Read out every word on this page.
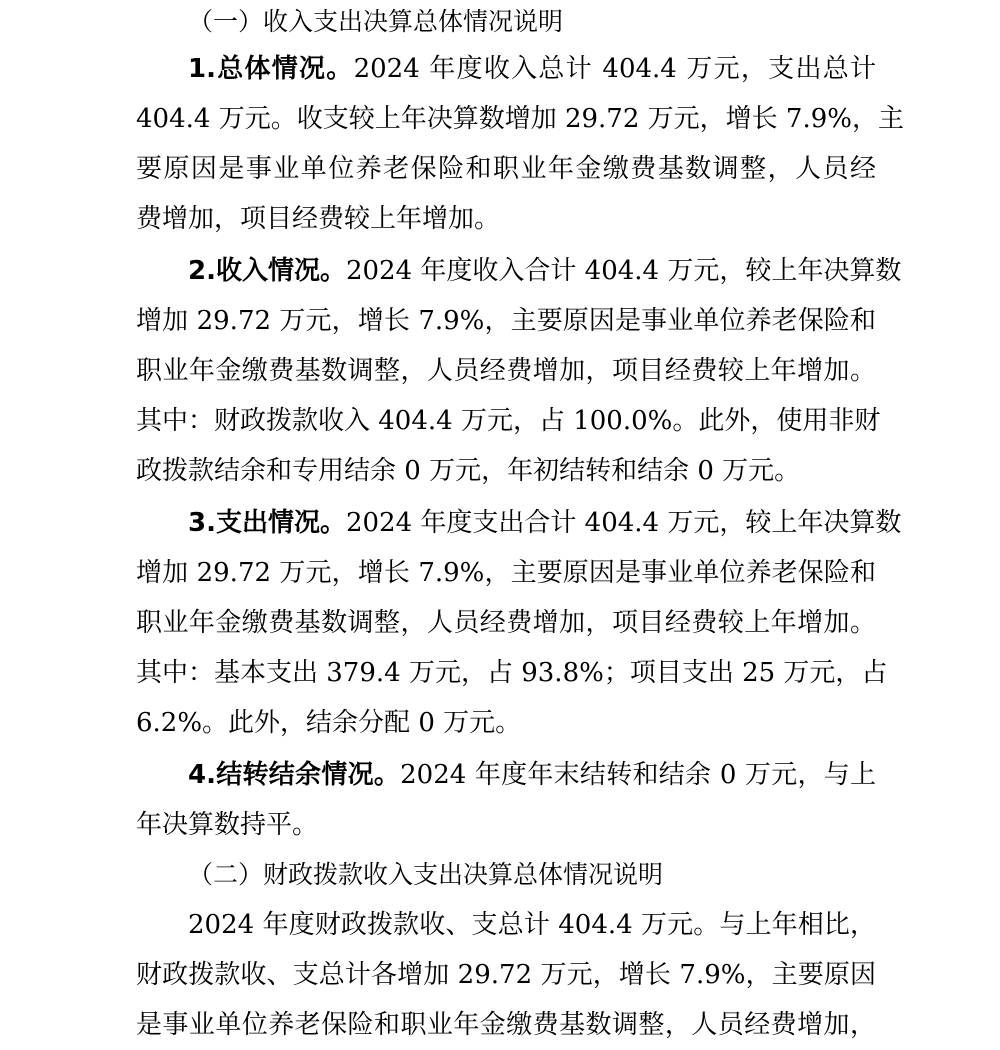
（一）收入支出决算总体情况说明
1.总体情况。2024 年度收入总计 404.4 万元，支出总计
404.4 万元。收支较上年决算数增加 29.72 万元，增长 7.9%，主
要原因是事业单位养老保险和职业年金缴费基数调整，人员经
费增加，项目经费较上年增加。
2.收入情况。2024 年度收入合计 404.4 万元，较上年决算数
增加 29.72 万元，增长 7.9%，主要原因是事业单位养老保险和
职业年金缴费基数调整，人员经费增加，项目经费较上年增加。
其中：财政拨款收入 404.4 万元，占 100.0%。此外，使用非财
政拨款结余和专用结余 0 万元，年初结转和结余 0 万元。
3.支出情况。2024 年度支出合计 404.4 万元，较上年决算数
增加 29.72 万元，增长 7.9%，主要原因是事业单位养老保险和
职业年金缴费基数调整，人员经费增加，项目经费较上年增加。
其中：基本支出 379.4 万元，占 93.8%；项目支出 25 万元，占
6.2%。此外，结余分配 0 万元。
4.结转结余情况。2024 年度年末结转和结余 0 万元，与上
年决算数持平。
（二）财政拨款收入支出决算总体情况说明
2024 年度财政拨款收、支总计 404.4 万元。与上年相比，
财政拨款收、支总计各增加 29.72 万元，增长 7.9%，主要原因
是事业单位养老保险和职业年金缴费基数调整，人员经费增加，
